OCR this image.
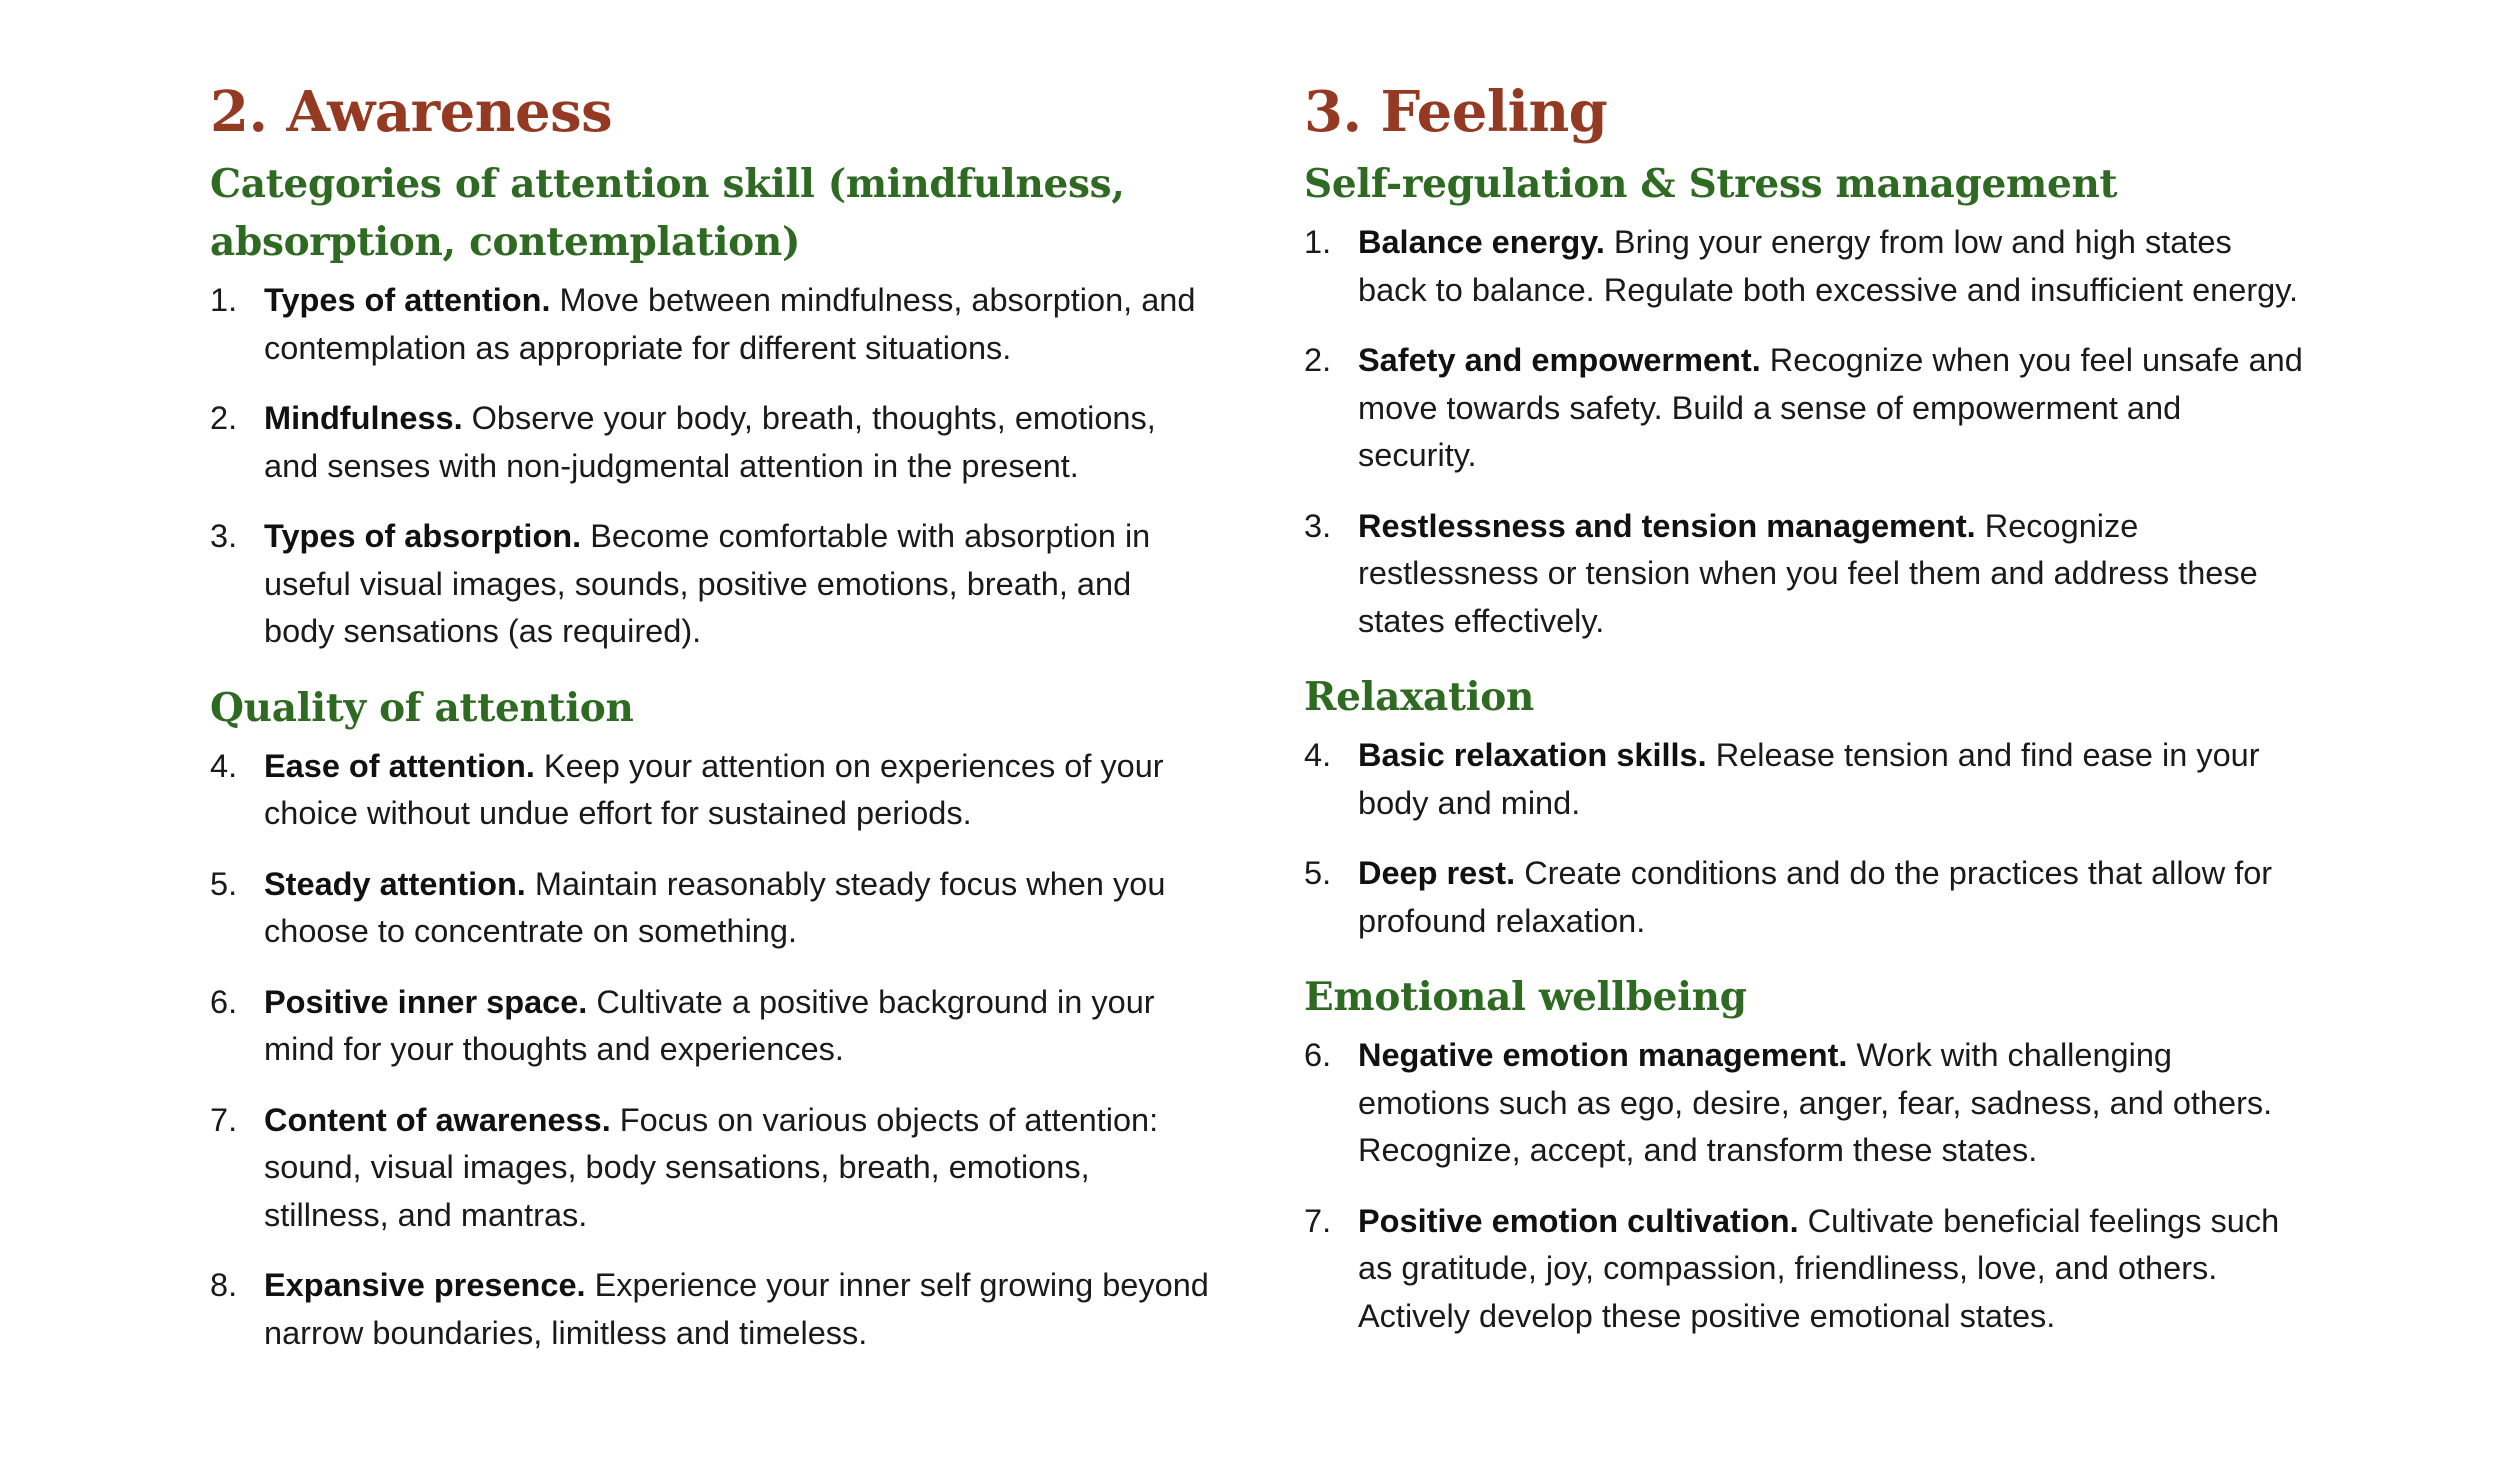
2. Awareness
Categories of attention skill (mindfulness, absorption, contemplation)
1. Types of attention. Move between mindfulness, absorption, and contemplation as appropriate for different situations.
2. Mindfulness. Observe your body, breath, thoughts, emotions, and senses with non-judgmental attention in the present.
3. Types of absorption. Become comfortable with absorption in useful visual images, sounds, positive emotions, breath, and body sensations (as required).
Quality of attention
4. Ease of attention. Keep your attention on experiences of your choice without undue effort for sustained periods.
5. Steady attention. Maintain reasonably steady focus when you choose to concentrate on something.
6. Positive inner space. Cultivate a positive background in your mind for your thoughts and experiences.
7. Content of awareness. Focus on various objects of attention: sound, visual images, body sensations, breath, emotions, stillness, and mantras.
8. Expansive presence. Experience your inner self growing beyond narrow boundaries, limitless and timeless.
3. Feeling
Self-regulation & Stress management
1. Balance energy. Bring your energy from low and high states back to balance. Regulate both excessive and insufficient energy.
2. Safety and empowerment. Recognize when you feel unsafe and move towards safety. Build a sense of empowerment and security.
3. Restlessness and tension management. Recognize restlessness or tension when you feel them and address these states effectively.
Relaxation
4. Basic relaxation skills. Release tension and find ease in your body and mind.
5. Deep rest. Create conditions and do the practices that allow for profound relaxation.
Emotional wellbeing
6. Negative emotion management. Work with challenging emotions such as ego, desire, anger, fear, sadness, and others. Recognize, accept, and transform these states.
7. Positive emotion cultivation. Cultivate beneficial feelings such as gratitude, joy, compassion, friendliness, love, and others. Actively develop these positive emotional states.
